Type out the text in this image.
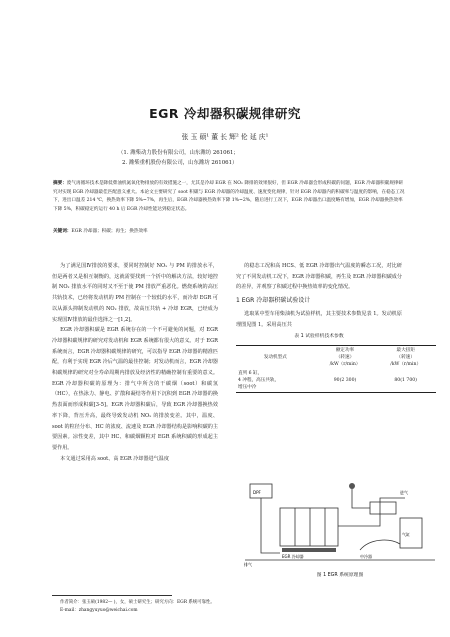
EGR 冷却器积碳规律研究
张 玉 硕¹ 董 长 辉² 伦 延 庆¹
（1. 潍柴动力股份有限公司，山东潍坊 261061；
2. 潍柴重机股份有限公司，山东潍坊 261061）
摘要：废气再循环技术是降低柴油机氮氧化物排放的有效措施之一，尤其是冷却 EGR 在 NOₓ 降排的效果很好，但 EGR 冷却器会形成积碳的问题，EGR 冷却器积碳规律研究对实现 EGR 冷却器最佳匹配意义重大。本论文主要研究了 soot 积碳与 EGR 冷却器的冷却温度、速度变化规律，针对 EGR 冷却器内的积碳率与温度的影响，在稳态工况下，进出口温差 214 ℃，换热效率下降 5%~7%，再生后，EGR 冷却器换热效率下降 1%~2%，随后进行工况下，EGR 冷却器出口温度略有增加，EGR 冷却器换热效率下降 5%，积碳稳定约运行 40 h 后 EGR 冷却性能达到稳定状态。
关键词：EGR 冷却器；积碳；再生；换热效率

为了满足国Ⅳ排放的要求，要同时控制好 NOₓ 与 PM 的排放水平，但是两者又是相互制衡的，这就需要找到一个折中的解决方法，较好地控制 NOₓ 排放水平的同时又不至于使 PM 排放严重恶化。燃烧系统的高压共轨技术，已经将发动机的 PM 控制在一个较低的水平，而冷却 EGR 可以从源头抑制发动机的 NOₓ 排放，故高压共轨 + 冷却 EGR，已经成为实现国Ⅳ排放的最佳选择之一[1,2]。

EGR 冷却器积碳是 EGR 系统存在的一个不可避免的问题，对 EGR 冷却器积碳规律的研究对发动机和 EGR 系统都有很大的意义。对于 EGR 系统而言，EGR 冷却器积碳规律的研究，可以指导 EGR 冷却器的精准匹配，有利于实现 EGR 冷后气温的最佳控制；对发动机而言，EGR 冷却器积碳规律的研究对全寿命周期内排放及经济性的精确控制有重要的意义。EGR 冷却器积碳的原理为：排气中所含的干碳烟（soot）和碳氢（HC），在热泳力、静电、扩散和凝结等作用下沉积到 EGR 冷却器的换热表面而形成积碳[3-5]。EGR 冷却器积碳后，导致 EGR 冷却器换热效率下降，背压升高，最终导致发动机 NOₓ 的排放变差。其中，温度、soot 的粒径分布、HC 的浓度、流速及 EGR 冷却器结构是影响积碳的主要因素。凉性变差，其中 HC、和碳烟颗粒对 EGR 系统积碳的形成起主要作用。

本文通过采用高 soot、高 EGR 冷却器进气温度

的稳态工况和高 HCS、低 EGR 冷却器出气温度的瞬态工况，对比研究了不同发动机工况下，EGR 冷却器积碳，再生及 EGR 冷却器积碳成分的差异，并观察了积碳过程中换热效率的变化情况。

1 EGR 冷却器积碳试验设计

选取某中型车用柴油机为试验样机，其主要技术参数见表 1。发动机原理图见图 1。采用高压共

表 1 试验样机技术参数
发动机型式	额定功率
（转速）
/kW（r/min）	最大扭矩
（转速）
/kW（r/min）

直列 6 缸，
4 冲程，高压共轨，
增压中冷	90(2 300)	80(1 700)
DPF
EGR 冷却器	中冷器
进气
排气
气缸
图 1 EGR 系统原理图
作者简介：张玉硕(1982— )，女，硕士研究生；研究方向：EGR 系统可靠性。
E-mail：zhangyuyuo@weichai.com
